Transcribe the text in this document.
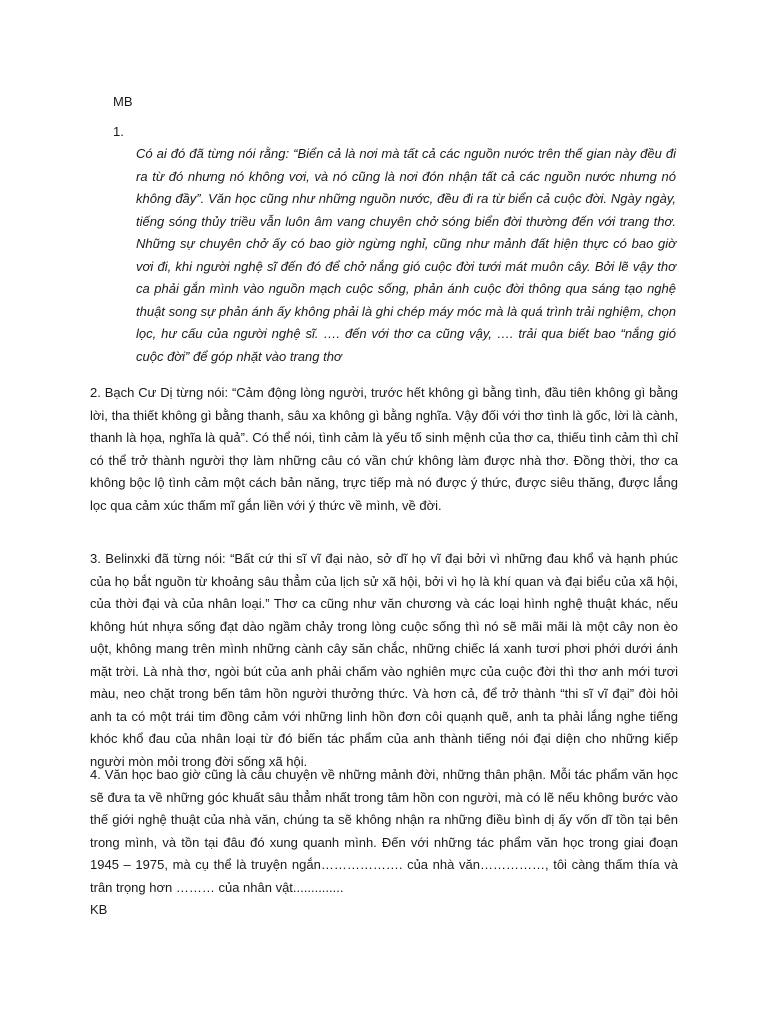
MB
1.

Có ai đó đã từng nói rằng: “Biển cả là nơi mà tất cả các nguồn nước trên thế gian này đều đi ra từ đó nhưng nó không vơi, và nó cũng là nơi đón nhận tất cả các nguồn nước nhưng nó không đầy”. Văn học cũng như những nguồn nước, đều đi ra từ biển cả cuộc đời. Ngày ngày, tiếng sóng thủy triều vẫn luôn âm vang chuyên chở sóng biển đời thường đến với trang thơ. Những sự chuyên chở ấy có bao giờ ngừng nghỉ, cũng như mảnh đất hiện thực có bao giờ vơi đi, khi người nghệ sĩ đến đó để chở nắng gió cuộc đời tưới mát muôn cây. Bởi lẽ vậy thơ ca phải gắn mình vào nguồn mạch cuộc sống, phản ánh cuộc đời thông qua sáng tạo nghệ thuật song sự phản ánh ấy không phải là ghi chép máy móc mà là quá trình trải nghiệm, chọn lọc, hư cấu của người nghệ sĩ. …. đến với thơ ca cũng vậy, …. trải qua biết bao “nắng gió cuộc đời” để góp nhặt vào trang thơ

2. Bạch Cư Dị từng nói: “Cảm động lòng người, trước hết không gì bằng tình, đầu tiên không gì bằng lời, tha thiết không gì bằng thanh, sâu xa không gì bằng nghĩa. Vậy đối với thơ tình là gốc, lời là cành, thanh là họa, nghĩa là quả”. Có thể nói, tình cảm là yếu tố sinh mệnh của thơ ca, thiếu tình cảm thì chỉ có thể trở thành người thợ làm những câu có vần chứ không làm được nhà thơ. Đồng thời, thơ ca không bộc lộ tình cảm một cách bản năng, trực tiếp mà nó được ý thức, được siêu thăng, được lắng lọc qua cảm xúc thấm mĩ gắn liền với ý thức về mình, về đời.

3. Belinxki đã từng nói: “Bất cứ thi sĩ vĩ đại nào, sở dĩ họ vĩ đại bởi vì những đau khổ và hạnh phúc của họ bắt nguồn từ khoảng sâu thẳm của lịch sử xã hội, bởi vì họ là khí quan và đại biểu của xã hội, của thời đại và của nhân loại.” Thơ ca cũng như văn chương và các loại hình nghệ thuật khác, nếu không hút nhựa sống đạt dào ngầm chảy trong lòng cuộc sống thì nó sẽ mãi mãi là một cây non èo uột, không mang trên mình những cành cây săn chắc, những chiếc lá xanh tươi phơi phới dưới ánh mặt trời. Là nhà thơ, ngòi bút của anh phải chấm vào nghiên mực của cuộc đời thì thơ anh mới tươi màu, neo chặt trong bến tâm hồn người thưởng thức. Và hơn cả, để trở thành “thi sĩ vĩ đại” đòi hỏi anh ta có một trái tim đồng cảm với những linh hồn đơn côi quạnh quẽ, anh ta phải lắng nghe tiếng khóc khổ đau của nhân loại từ đó biến tác phẩm của anh thành tiếng nói đại diện cho những kiếp người mòn mỏi trong đời sống xã hội.

4. Văn học bao giờ cũng là câu chuyện về những mảnh đời, những thân phận. Mỗi tác phẩm văn học sẽ đưa ta về những góc khuất sâu thẳm nhất trong tâm hồn con người, mà có lẽ nếu không bước vào thế giới nghệ thuật của nhà văn, chúng ta sẽ không nhận ra những điều bình dị ấy vốn dĩ tồn tại bên trong mình, và tồn tại đâu đó xung quanh mình. Đến với những tác phẩm văn học trong giai đoạn 1945 – 1975, mà cụ thể là truyện ngắn………………. của nhà văn……………, tôi càng thấm thía và trân trọng hơn ……… của nhân vật..............

KB
